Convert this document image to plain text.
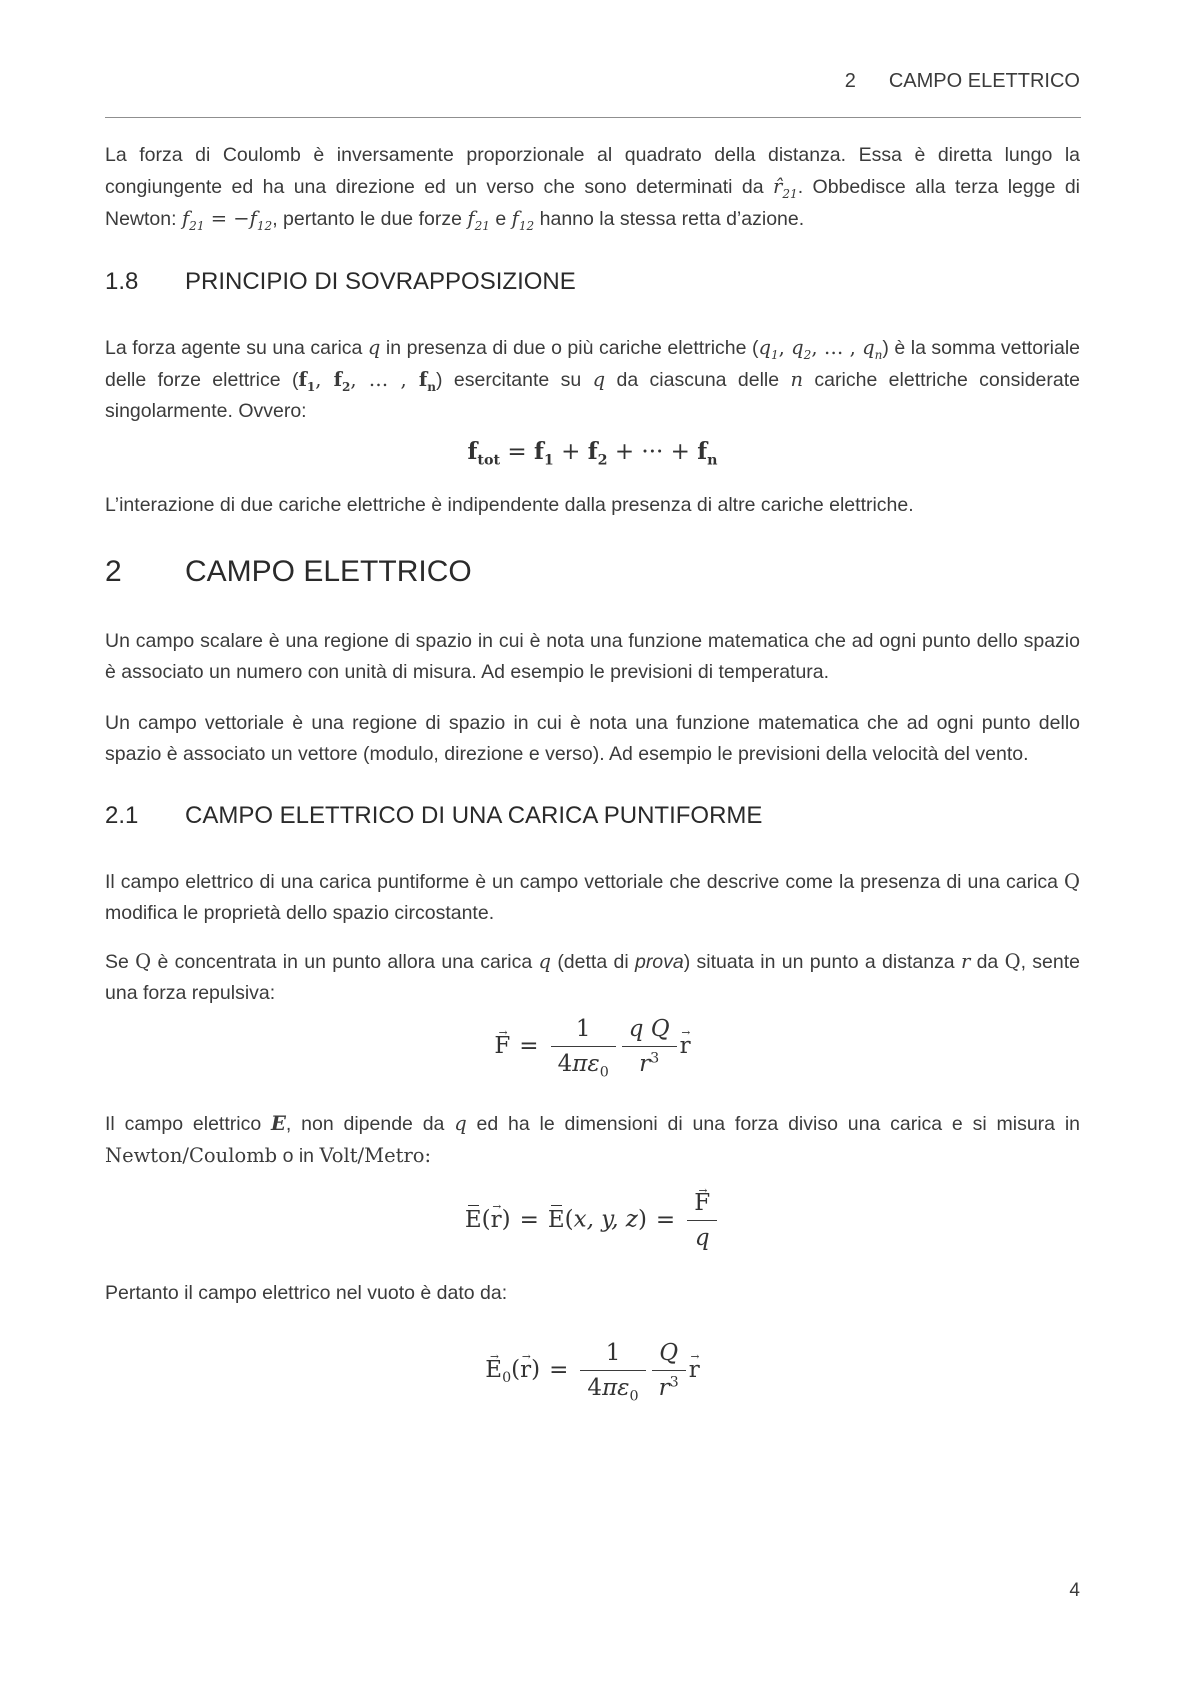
2 CAMPO ELETTRICO
La forza di Coulomb è inversamente proporzionale al quadrato della distanza. Essa è diretta lungo la congiungente ed ha una direzione ed un verso che sono determinati da $r̂_{21}$. Obbedisce alla terza legge di Newton: $f_{21} = -f_{12}$, pertanto le due forze $f_{21}$ e $f_{12}$ hanno la stessa retta d’azione.
1.8 PRINCIPIO DI SOVRAPPOSIZIONE
La forza agente su una carica q in presenza di due o più cariche elettriche ($q_1$, $q_2$, … , $q_n$) è la somma vettoriale delle forze elettrice ($f_1$, $f_2$, … , $f_n$) esercitante su q da ciascuna delle n cariche elettriche considerate singolarmente. Ovvero:
$f_{tot} = f_1 + f_2$ + ··· + $f_n$
L’interazione di due cariche elettriche è indipendente dalla presenza di altre cariche elettriche.
2 CAMPO ELETTRICO
Un campo scalare è una regione di spazio in cui è nota una funzione matematica che ad ogni punto dello spazio è associato un numero con unità di misura. Ad esempio le previsioni di temperatura.
Un campo vettoriale è una regione di spazio in cui è nota una funzione matematica che ad ogni punto dello spazio è associato un vettore (modulo, direzione e verso). Ad esempio le previsioni della velocità del vento.
2.1 CAMPO ELETTRICO DI UNA CARICA PUNTIFORME
Il campo elettrico di una carica puntiforme è un campo vettoriale che descrive come la presenza di una carica Q modifica le proprietà dello spazio circostante.
Se Q è concentrata in un punto allora una carica q (detta di prova) situata in un punto a distanza r da Q, sente una forza repulsiva:
F → = $\frac{1}{4\pi\varepsilon_0} \frac{\text{q Q}}{r^3}$ r →
Il campo elettrico E, non dipende da q ed ha le dimensioni di una forza diviso una carica e si misura in Newton/Coulomb o in Volt/Metro:
E(r →) = E(x, y, $z) = \frac{F \to}{q}$
Pertanto il campo elettrico nel vuoto è dato da:
$E \to_0(r$ →) = $\frac{1}{4\pi\varepsilon_0} \frac{Q}{r^3}$ r →
4
